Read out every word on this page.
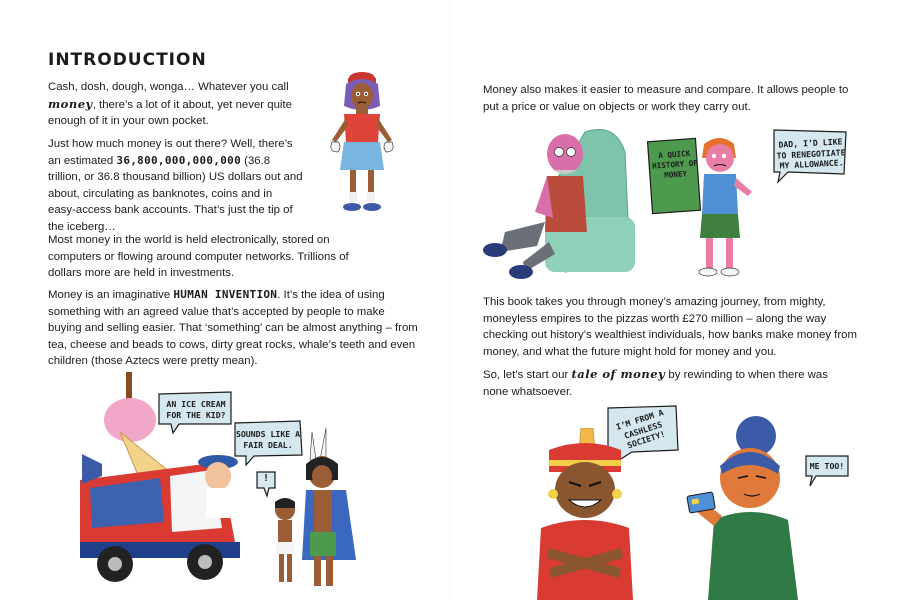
INTRODUCTION

Cash, dosh, dough, wonga… Whatever you call money, there’s a lot of it about, yet never quite enough of it in your own pocket.

Just how much money is out there? Well, there’s an estimated 36,800,000,000,000 (36.8 trillion, or 36.8 thousand billion) US dollars out and about, circulating as banknotes, coins and in easy-access bank accounts. That’s just the tip of the iceberg…

Most money in the world is held electronically, stored on computers or flowing around computer networks. Trillions of dollars more are held in investments.

Money is an imaginative HUMAN INVENTION. It’s the idea of using something with an agreed value that’s accepted by people to make buying and selling easier. That ‘something’ can be almost anything – from tea, cheese and beads to cows, dirty great rocks, whale’s teeth and even children (those Aztecs were pretty mean).

AN ICE CREAM FOR THE KID?
SOUNDS LIKE A FAIR DEAL.
!

Money also makes it easier to measure and compare. It allows people to put a price or value on objects or work they carry out.

A QUICK HISTORY OF MONEY
DAD, I’D LIKE TO RENEGOTIATE MY ALLOWANCE.

This book takes you through money’s amazing journey, from mighty, moneyless empires to the pizzas worth £270 million – along the way checking out history’s wealthiest individuals, how banks make money from money, and what the future might hold for money and you.

So, let’s start our tale of money by rewinding to when there was none whatsoever.

I’M FROM A CASHLESS SOCIETY!
ME TOO!
